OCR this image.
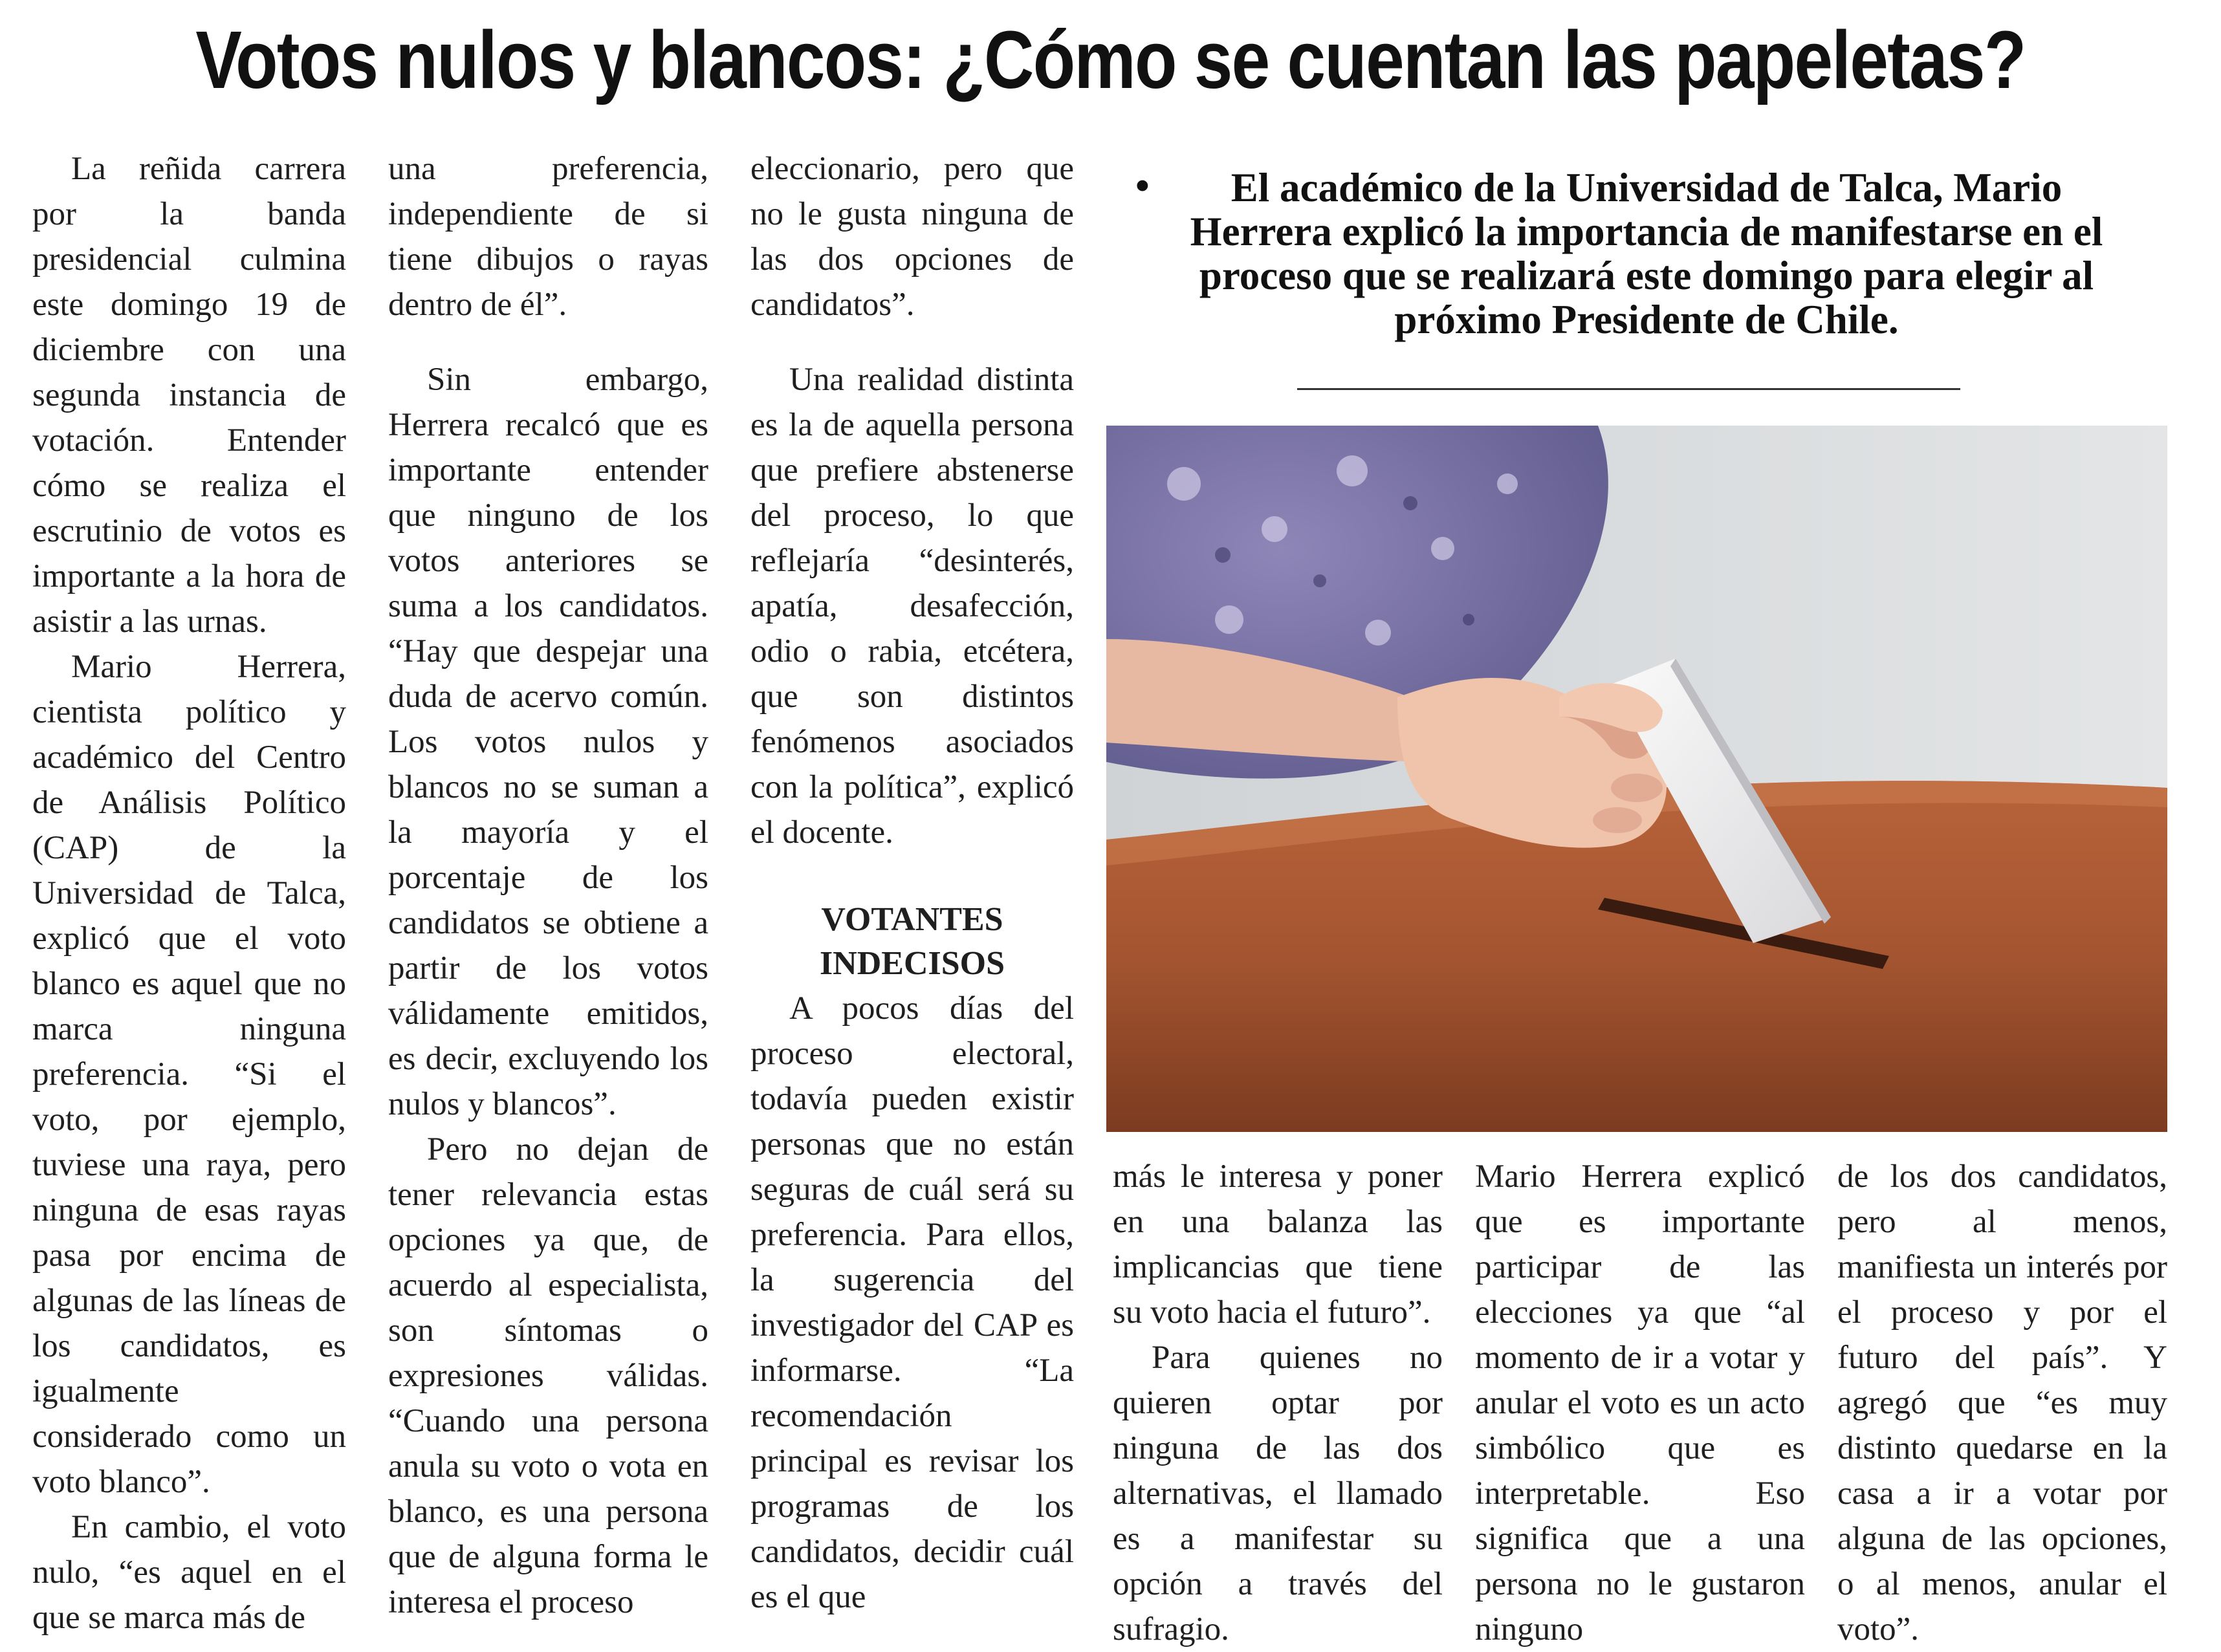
Votos nulos y blancos: ¿Cómo se cuentan las papeletas?

La reñida carrera por la banda presidencial culmina este domingo 19 de diciembre con una segunda instancia de votación. Entender cómo se realiza el escrutinio de votos es importante a la hora de asistir a las urnas.

Mario Herrera, cientista político y académico del Centro de Análisis Político (CAP) de la Universidad de Talca, explicó que el voto blanco es aquel que no marca ninguna preferencia. “Si el voto, por ejemplo, tuviese una raya, pero ninguna de esas rayas pasa por encima de algunas de las líneas de los candidatos, es igualmente considerado como un voto blanco”.

En cambio, el voto nulo, “es aquel en el que se marca más de

una preferencia, independiente de si tiene dibujos o rayas dentro de él”.

Sin embargo, Herrera recalcó que es importante entender que ninguno de los votos anteriores se suma a los candidatos. “Hay que despejar una duda de acervo común. Los votos nulos y blancos no se suman a la mayoría y el porcentaje de los candidatos se obtiene a partir de los votos válidamente emitidos, es decir, excluyendo los nulos y blancos”.

Pero no dejan de tener relevancia estas opciones ya que, de acuerdo al especialista, son síntomas o expresiones válidas. “Cuando una persona anula su voto o vota en blanco, es una persona que de alguna forma le interesa el proceso

eleccionario, pero que no le gusta ninguna de las dos opciones de candidatos”.

Una realidad distinta es la de aquella persona que prefiere abstenerse del proceso, lo que reflejaría “desinterés, apatía, desafección, odio o rabia, etcétera, que son distintos fenómenos asociados con la política”, explicó el docente.

VOTANTES
INDECISOS

A pocos días del proceso electoral, todavía pueden existir personas que no están seguras de cuál será su preferencia. Para ellos, la sugerencia del investigador del CAP es informarse. “La recomendación principal es revisar los programas de los candidatos, decidir cuál es el que

•	El académico de la Universidad de Talca, Mario Herrera explicó la importancia de manifestarse en el proceso que se realizará este domingo para elegir al próximo Presidente de Chile.

más le interesa y poner en una balanza las implicancias que tiene su voto hacia el futuro”.

Para quienes no quieren optar por ninguna de las dos alternativas, el llamado es a manifestar su opción a través del sufragio.

Mario Herrera explicó que es importante participar de las elecciones ya que “al momento de ir a votar y anular el voto es un acto simbólico que es interpretable. Eso significa que a una persona no le gustaron ninguno

de los dos candidatos, pero al menos, manifiesta un interés por el proceso y por el futuro del país”. Y agregó que “es muy distinto quedarse en la casa a ir a votar por alguna de las opciones, o al menos, anular el voto”.
